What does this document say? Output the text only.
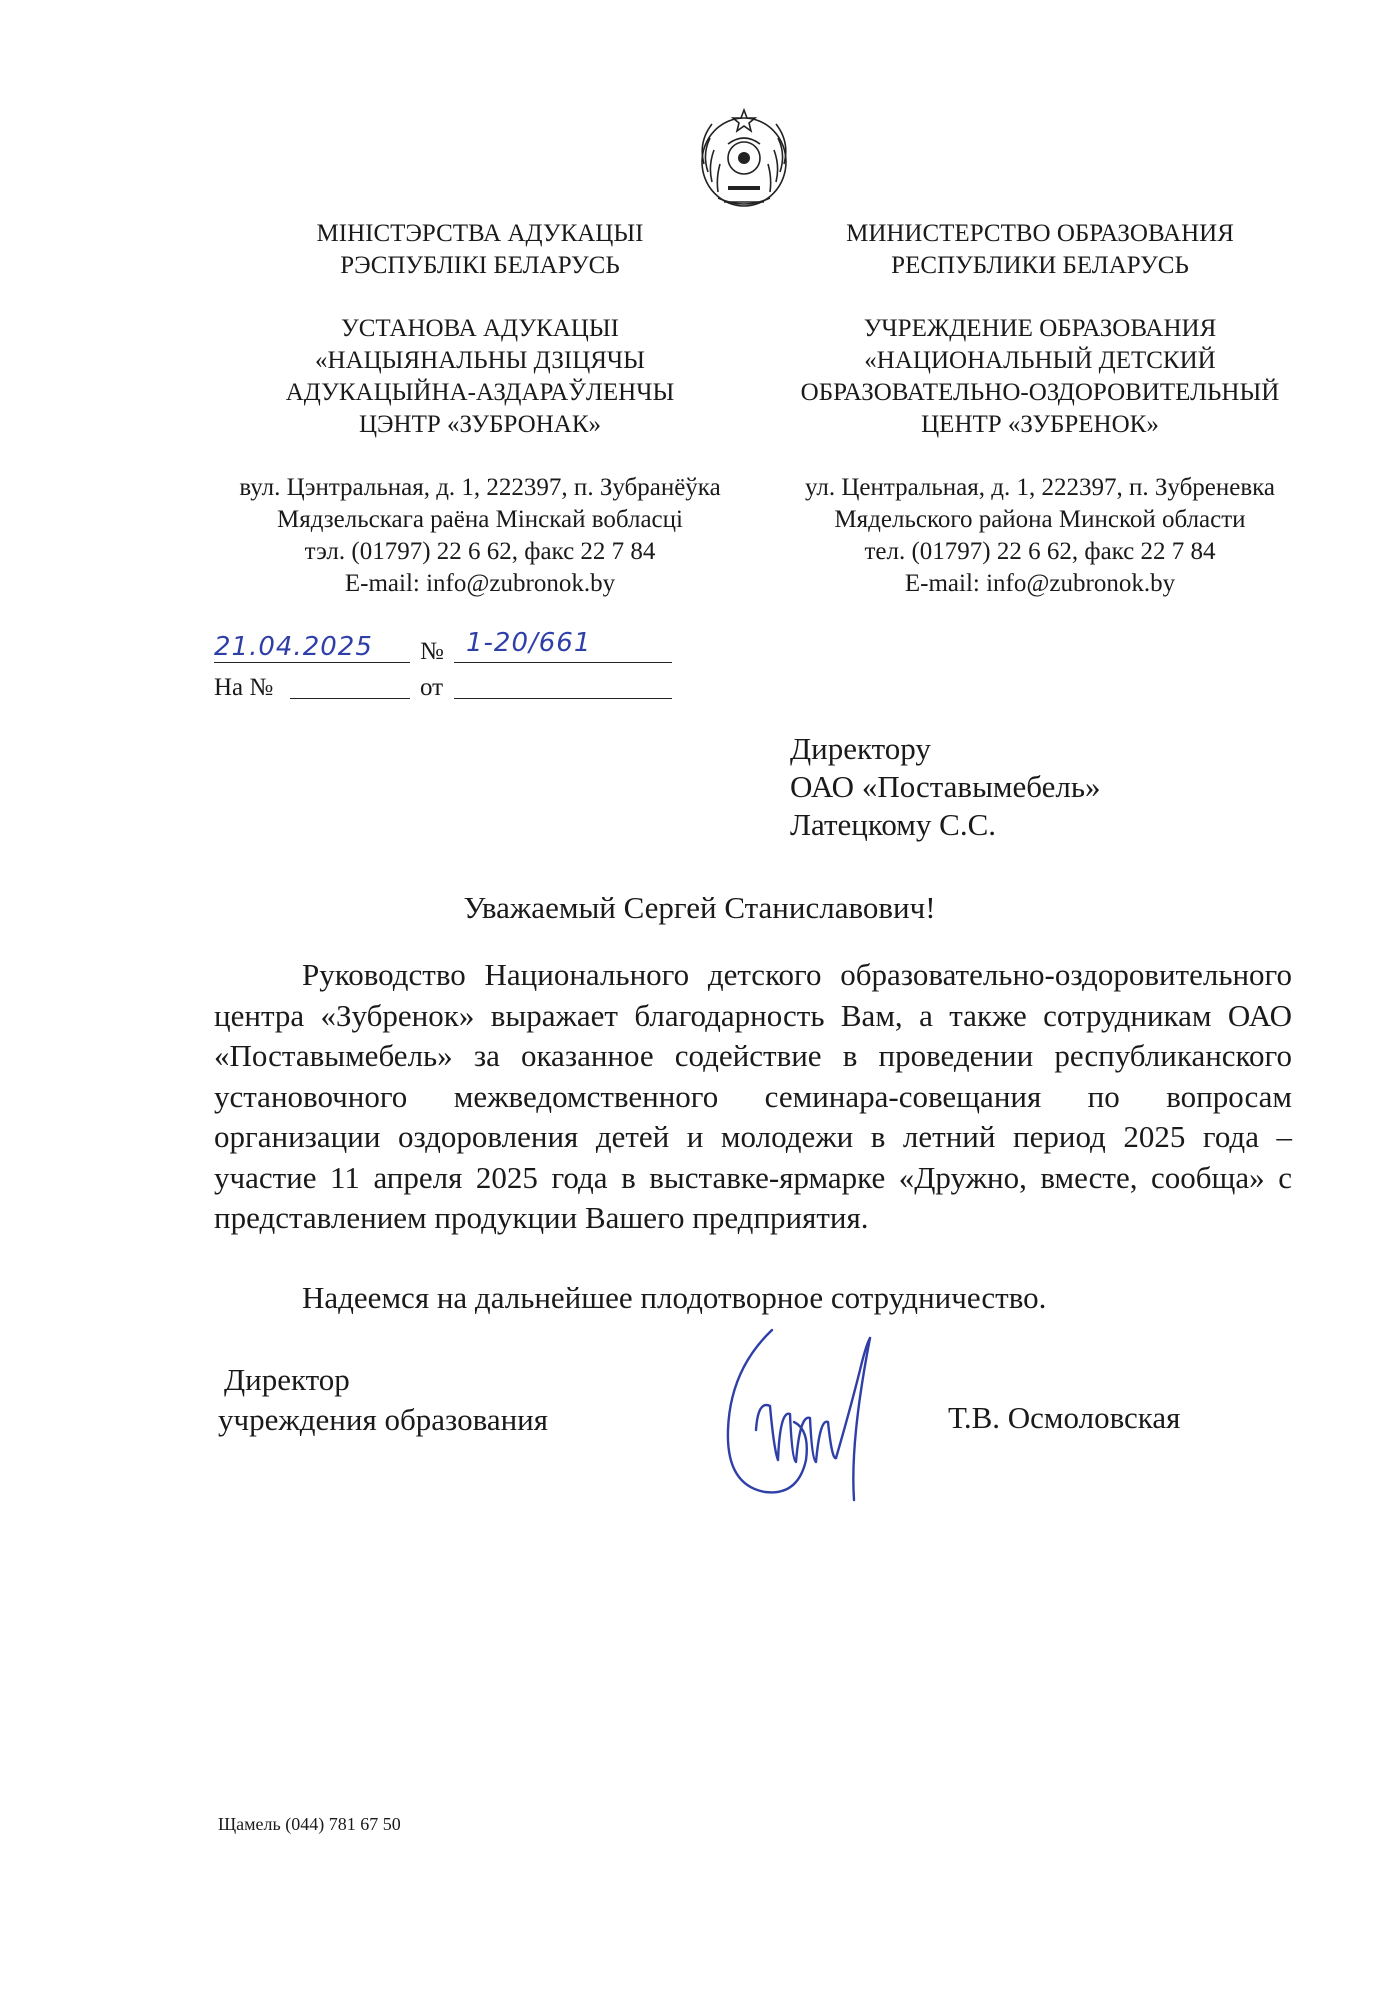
МІНІСТЭРСТВА АДУКАЦЫІ
РЭСПУБЛІКІ БЕЛАРУСЬ
УСТАНОВА АДУКАЦЫІ
«НАЦЫЯНАЛЬНЫ ДЗІЦЯЧЫ
АДУКАЦЫЙНА-АЗДАРАЎЛЕНЧЫ
ЦЭНТР «ЗУБРОНАК»
вул. Цэнтральная, д. 1, 222397, п. Зубранёўка
Мядзельскага раёна Мінскай вобласці
тэл. (01797) 22 6 62, факс 22 7 84
E-mail: info@zubronok.by
МИНИСТЕРСТВО ОБРАЗОВАНИЯ
РЕСПУБЛИКИ БЕЛАРУСЬ
УЧРЕЖДЕНИЕ ОБРАЗОВАНИЯ
«НАЦИОНАЛЬНЫЙ ДЕТСКИЙ
ОБРАЗОВАТЕЛЬНО-ОЗДОРОВИТЕЛЬНЫЙ
ЦЕНТР «ЗУБРЕНОК»
ул. Центральная, д. 1, 222397, п. Зубреневка
Мядельского района Минской области
тел. (01797) 22 6 62, факс 22 7 84
E-mail: info@zubronok.by
21.04.2025 № 1-20/661
На №	от
Директору
ОАО «Поставымебель»
Латецкому С.С.
Уважаемый Сергей Станиславович!

Руководство Национального детского образовательно-оздоровительного центра «Зубренок» выражает благодарность Вам, а также сотрудникам ОАО «Поставымебель» за оказанное содействие в проведении республиканского установочного межведомственного семинара-совещания по вопросам организации оздоровления детей и молодежи в летний период 2025 года – участие 11 апреля 2025 года в выставке-ярмарке «Дружно, вместе, сообща» с представлением продукции Вашего предприятия.

Надеемся на дальнейшее плодотворное сотрудничество.
Директор
учреждения образования	Т.В. Осмоловская
Щамель (044) 781 67 50
